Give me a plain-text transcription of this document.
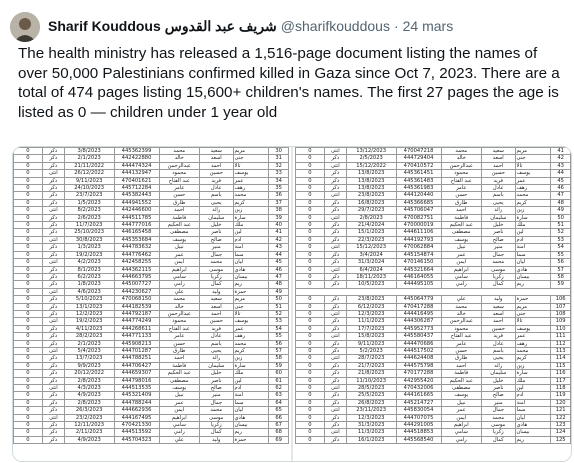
Sharif Kouddous شريف عبد القدوس @sharifkouddous · 24 mars
The health ministry has released a 1,516-page document listing the names of over 50,000 Palestinians confirmed killed in Gaza since Oct 7, 2023. There are a total of 474 pages listing 15,600+ children's names. The first 27 pages the age is listed as 0 — children under 1 year old
0	ذكر	3/8/2023	445362399	محمد	سعيد	مريم	30
0	ذكر	2/1/2023	442422880	خالد	اسعد	جنى	31
0	ذكر	21/11/2022	444474324	عبدالرحمن	احمد	تالا	32
0	انثى	26/12/2022	444132947	محمود	حسين	يوسف	33
0	ذكر	9/11/2023	470401621	عبد الفتاح	فريد	عمر	34
0	ذكر	24/10/2023	445712284	عامر	عادل	رهف	35
0	ذكر	23/7/2023	445382443	حسن	باسم	محمد	36
0	ذكر	1/5/2023	444941552	طارق	يحيى	كريم	37
0	انثى	8/2/2023	442446600	احمد	رائد	زين	38
0	ذكر	2/6/2023	444511785	فاطمة	سليمان	سارة	39
0	ذكر	11/7/2023	444777016	عبد الحكيم	خليل	ملك	40
0	ذكر	25/10/2023	446165458	مصطفى	ناصر	لين	41
0	انثى	30/8/2023	445353684	يوسف	صالح	آدم	42
0	ذكر	1/3/2023	444783632	نبيل	منير	آمنة	43
0	ذكر	19/2/2023	444776462	عمر	جمال	سما	44
0	انثى	4/2/2023	442458255	ايمن	محمد	ليان	45
0	ذكر	8/1/2023	444362115	ابراهيم	موسى	هادي	46
0	ذكر	6/2/2023	444663795	سامي	زكريا	بيسان	47
0	ذكر	1/8/2023	445007727	رامي	كمال	ريم	48
0	انثى	4/6/2023	444230627	علي	وليد	حمزة	49
0	ذكر	5/10/2023	470068150	محمد	سعيد	مريم	50
0	ذكر	13/1/2023	444182539	خالد	اسعد	جنى	51
0	ذكر	12/2/2023	444792187	عبدالرحمن	احمد	تالا	52
0	انثى	19/2/2023	444774249	محمود	حسين	يوسف	53
0	ذكر	4/11/2023	444268611	عبد الفتاح	فريد	عمر	54
0	ذكر	28/2/2023	444771133	عامر	عادل	رهف	55
0	ذكر	2/1/2023	445908213	حسن	باسم	محمد	56
0	انثى	5/4/2023	444701287	طارق	يحيى	كريم	57
0	ذكر	13/7/2023	444788251	احمد	رائد	زين	58
0	ذكر	9/9/2023	444706427	فاطمة	سليمان	سارة	59
0	ذكر	20/12/2022	444659307	عبد الحكيم	خليل	ملك	60
0	ذكر	2/8/2023	444798016	مصطفى	ناصر	لين	61
0	انثى	4/3/2023	444513535	يوسف	صالح	آدم	62
0	ذكر	4/9/2023	445321409	نبيل	منير	آمنة	63
0	ذكر	2/8/2023	444788244	عمر	جمال	سما	64
0	ذكر	26/3/2023	444662936	ايمن	محمد	ليان	65
0	انثى	23/2/2023	444167495	ابراهيم	موسى	هادي	66
0	ذكر	12/11/2023	470421330	سامي	زكريا	بيسان	67
0	ذكر	2/11/2023	444513592	رامي	كمال	ريم	68
0	ذكر	4/9/2023	445704323	علي	وليد	حمزة	69
0	انثى	13/12/2023	470047218	محمد	سعيد	مريم	41
0	ذكر	2/5/2023	444729404	خالد	اسعد	جنى	42
0	انثى	15/12/2022	470410572	عبدالرحمن	احمد	تالا	43
0	ذكر	13/8/2023	445361451	محمود	حسين	يوسف	44
0	ذكر	13/8/2023	445361483	عبد الفتاح	فريد	عمر	45
0	ذكر	13/8/2023	445361983	عامر	عادل	رهف	46
0	انثى	23/8/2023	444120440	حسن	باسم	محمد	47
0	ذكر	16/8/2023	445366685	طارق	يحيى	كريم	48
0	ذكر	29/7/2023	445706047	احمد	رائد	زين	49
0	انثى	2/8/2023	470082751	فاطمة	سليمان	سارة	50
0	ذكر	21/4/2024	470000019	عبد الحكيم	خليل	ملك	51
0	ذكر	15/1/2023	444611106	مصطفى	ناصر	لين	52
0	ذكر	22/3/2023	444192793	يوسف	صالح	آدم	53
0	انثى	15/12/2023	470062884	نبيل	منير	آمنة	54
0	ذكر	3/4/2024	445154874	عمر	جمال	سما	55
0	ذكر	31/3/2024	470146150	ايمن	محمد	ليان	56
0	انثى	6/4/2024	445321664	ابراهيم	موسى	هادي	57
0	ذكر	18/11/2023	446164055	سامي	زكريا	بيسان	58
0	ذكر	10/5/2023	444495105	رامي	كمال	ريم	59

0	ذكر	23/8/2023	445064779	علي	وليد	حمزة	106
0	ذكر	6/12/2023	470417288	محمد	سعيد	مريم	107
0	انثى	12/3/2023	444416495	خالد	اسعد	جنى	108
0	ذكر	11/1/2023	444306287	عبدالرحمن	احمد	تالا	109
0	ذكر	17/7/2023	445952773	محمود	حسين	يوسف	110
0	انثى	15/8/2023	445580437	عبد الفتاح	فريد	عمر	111
0	ذكر	9/11/2023	444470686	عامر	عادل	رهف	112
0	ذكر	5/2/2023	444517502	حسن	باسم	محمد	113
0	انثى	28/7/2023	444624408	طارق	يحيى	كريم	114
0	ذكر	21/7/2023	444575798	احمد	رائد	زين	115
0	ذكر	21/8/2023	470177288	فاطمة	سليمان	سارة	116
0	ذكر	11/10/2023	442955420	عبد الحكيم	خليل	ملك	117
0	انثى	28/5/2023	470432006	مصطفى	ناصر	لين	118
0	ذكر	25/5/2023	444161665	يوسف	صالح	آدم	119
0	ذكر	26/8/2023	445214727	نبيل	منير	آمنة	120
0	انثى	23/11/2023	445830054	عمر	جمال	سما	121
0	ذكر	12/3/2023	444707075	ايمن	محمد	ليان	122
0	ذكر	31/3/2023	444291005	ابراهيم	موسى	هادي	123
0	انثى	11/3/2023	444518853	سامي	زكريا	بيسان	124
0	ذكر	16/1/2023	445568540	رامي	كمال	ريم	125
